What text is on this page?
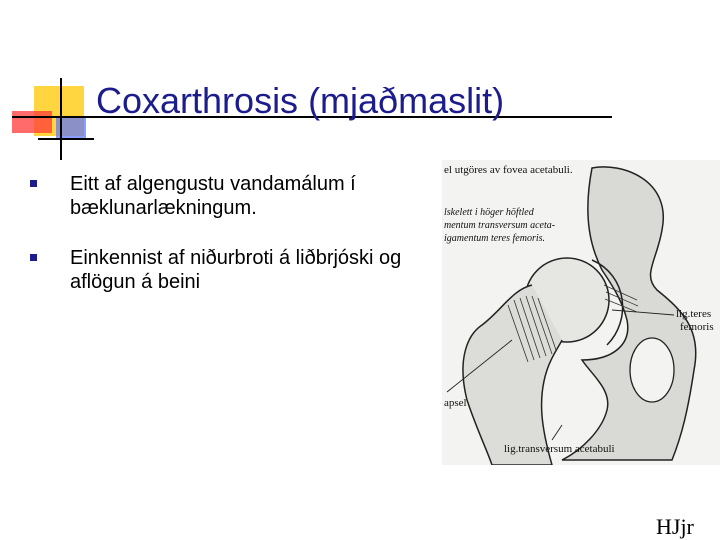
Coxarthrosis (mjaðmaslit)
Eitt af algengustu vandamálum í bæklunarlækningum.
Einkennist af niðurbroti á liðbrjóski og aflögun á beini
el utgöres av fovea acetabuli.
lskelett i höger höftled
mentum transversum aceta-
igamentum teres femoris.
lig.teres
femoris
apsel
lig.transversum acetabuli
HJjr
